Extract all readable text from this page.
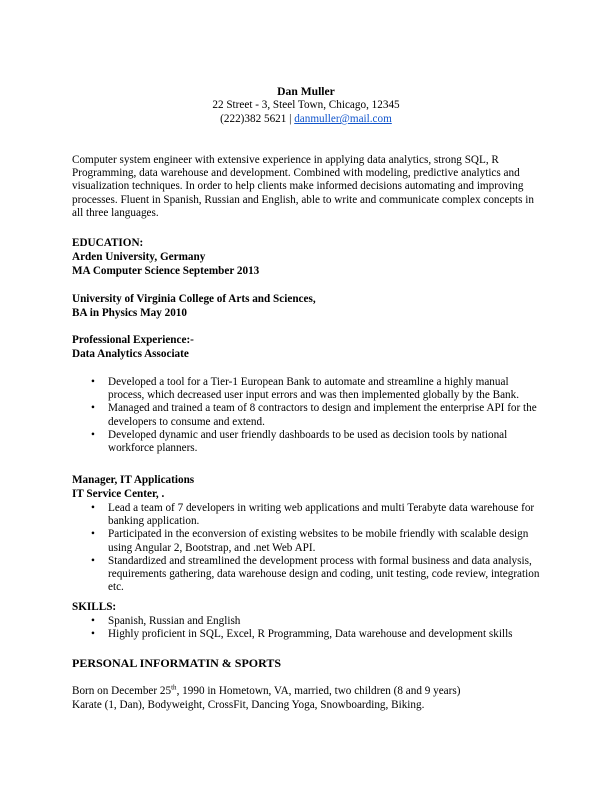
Dan Muller
22 Street - 3, Steel Town, Chicago, 12345
(222)382 5621 | danmuller@mail.com
Computer system engineer with extensive experience in applying data analytics, strong SQL, R Programming, data warehouse and development. Combined with modeling, predictive analytics and visualization techniques. In order to help clients make informed decisions automating and improving processes. Fluent in Spanish, Russian and English, able to write and communicate complex concepts in all three languages.
EDUCATION:
Arden University, Germany
MA Computer Science September 2013
University of Virginia College of Arts and Sciences,
BA in Physics May 2010
Professional Experience:-
Data Analytics Associate
• Developed a tool for a Tier-1 European Bank to automate and streamline a highly manual process, which decreased user input errors and was then implemented globally by the Bank.
• Managed and trained a team of 8 contractors to design and implement the enterprise API for the developers to consume and extend.
• Developed dynamic and user friendly dashboards to be used as decision tools by national workforce planners.
Manager, IT Applications
IT Service Center, .
• Lead a team of 7 developers in writing web applications and multi Terabyte data warehouse for banking application.
• Participated in the econversion of existing websites to be mobile friendly with scalable design using Angular 2, Bootstrap, and .net Web API.
• Standardized and streamlined the development process with formal business and data analysis, requirements gathering, data warehouse design and coding, unit testing, code review, integration etc.
SKILLS:
• Spanish, Russian and English
• Highly proficient in SQL, Excel, R Programming, Data warehouse and development skills
PERSONAL INFORMATIN & SPORTS
Born on December 25th, 1990 in Hometown, VA, married, two children (8 and 9 years)
Karate (1, Dan), Bodyweight, CrossFit, Dancing Yoga, Snowboarding, Biking.
